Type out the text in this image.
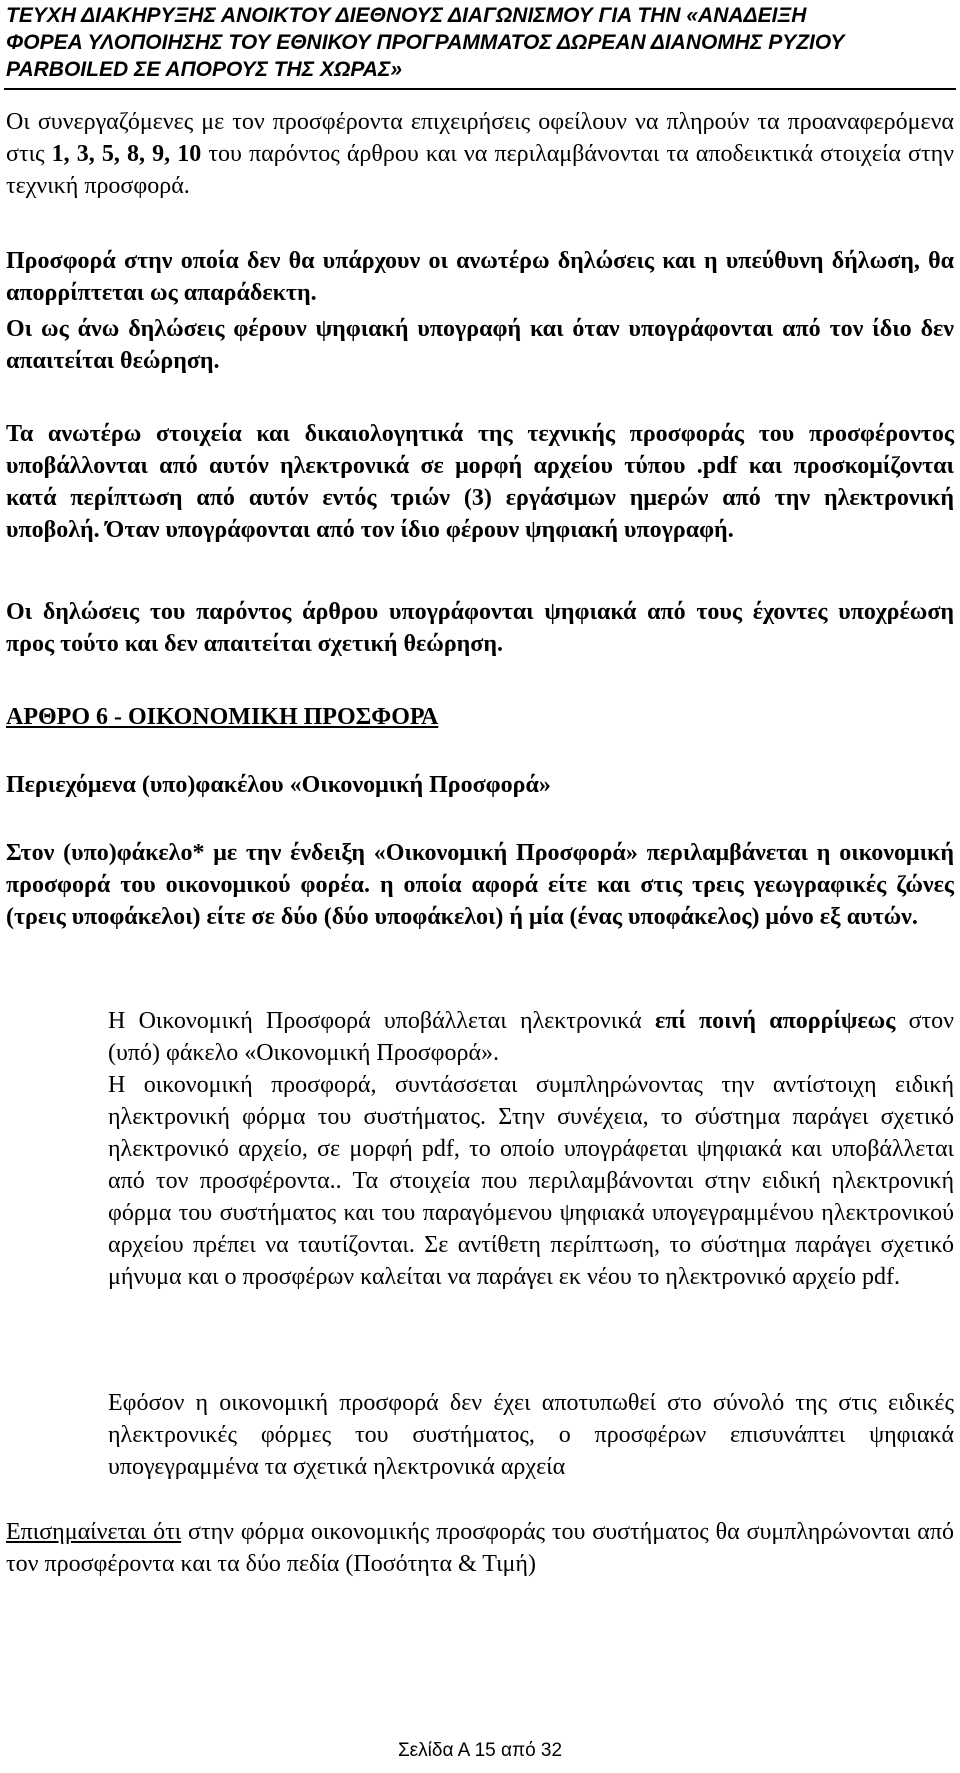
ΤΕΥΧΗ ΔΙΑΚΗΡΥΞΗΣ ΑΝΟΙΚΤΟΥ ΔΙΕΘΝΟΥΣ ΔΙΑΓΩΝΙΣΜΟΥ ΓΙΑ ΤΗΝ «ΑΝΑΔΕΙΞΗ
ΦΟΡΕΑ ΥΛΟΠΟΙΗΣΗΣ ΤΟΥ ΕΘΝΙΚΟΥ ΠΡΟΓΡΑΜΜΑΤΟΣ ΔΩΡΕΑΝ ΔΙΑΝΟΜΗΣ ΡΥΖΙΟΥ
PARBOILED ΣΕ ΑΠΟΡΟΥΣ ΤΗΣ ΧΩΡΑΣ»

Οι συνεργαζόμενες με τον προσφέροντα επιχειρήσεις οφείλουν να πληρούν τα προαναφερόμενα στις 1, 3, 5, 8, 9, 10 του παρόντος άρθρου και να περιλαμβάνονται τα αποδεικτικά στοιχεία στην τεχνική προσφορά.

Προσφορά στην οποία δεν θα υπάρχουν οι ανωτέρω δηλώσεις και η υπεύθυνη δήλωση, θα απορρίπτεται ως απαράδεκτη.

Οι ως άνω δηλώσεις φέρουν ψηφιακή υπογραφή και όταν υπογράφονται από τον ίδιο δεν απαιτείται θεώρηση.

Τα ανωτέρω στοιχεία και δικαιολογητικά της τεχνικής προσφοράς του προσφέροντος υποβάλλονται από αυτόν ηλεκτρονικά σε μορφή αρχείου τύπου .pdf και προσκομίζονται κατά περίπτωση από αυτόν εντός τριών (3) εργάσιμων ημερών από την ηλεκτρονική υποβολή. Όταν υπογράφονται από τον ίδιο φέρουν ψηφιακή υπογραφή.

Οι δηλώσεις του παρόντος άρθρου υπογράφονται ψηφιακά από τους έχοντες υποχρέωση προς τούτο και δεν απαιτείται σχετική θεώρηση.

ΑΡΘΡΟ 6 - ΟΙΚΟΝΟΜΙΚΗ ΠΡΟΣΦΟΡΑ

Περιεχόμενα (υπο)φακέλου «Οικονομική Προσφορά»

Στον (υπο)φάκελο* με την ένδειξη «Οικονομική Προσφορά» περιλαμβάνεται η οικονομική προσφορά του οικονομικού φορέα. η οποία αφορά είτε και στις τρεις γεωγραφικές ζώνες (τρεις υποφάκελοι) είτε σε δύο (δύο υποφάκελοι) ή μία (ένας υποφάκελος) μόνο εξ αυτών.

Η Οικονομική Προσφορά υποβάλλεται ηλεκτρονικά επί ποινή απορρίψεως στον (υπό) φάκελο «Οικονομική Προσφορά».

Η οικονομική προσφορά, συντάσσεται συμπληρώνοντας την αντίστοιχη ειδική ηλεκτρονική φόρμα του συστήματος. Στην συνέχεια, το σύστημα παράγει σχετικό ηλεκτρονικό αρχείο, σε μορφή pdf, το οποίο υπογράφεται ψηφιακά και υποβάλλεται από τον προσφέροντα.. Τα στοιχεία που περιλαμβάνονται στην ειδική ηλεκτρονική φόρμα του συστήματος και του παραγόμενου ψηφιακά υπογεγραμμένου ηλεκτρονικού αρχείου πρέπει να ταυτίζονται. Σε αντίθετη περίπτωση, το σύστημα παράγει σχετικό μήνυμα και ο προσφέρων καλείται να παράγει εκ νέου το ηλεκτρονικό αρχείο pdf.

Εφόσον η οικονομική προσφορά δεν έχει αποτυπωθεί στο σύνολό της στις ειδικές ηλεκτρονικές φόρμες του συστήματος, ο προσφέρων επισυνάπτει ψηφιακά υπογεγραμμένα τα σχετικά ηλεκτρονικά αρχεία

Επισημαίνεται ότι στην φόρμα οικονομικής προσφοράς του συστήματος θα συμπληρώνονται από τον προσφέροντα και τα δύο πεδία (Ποσότητα & Τιμή)

Σελίδα Α 15 από 32
